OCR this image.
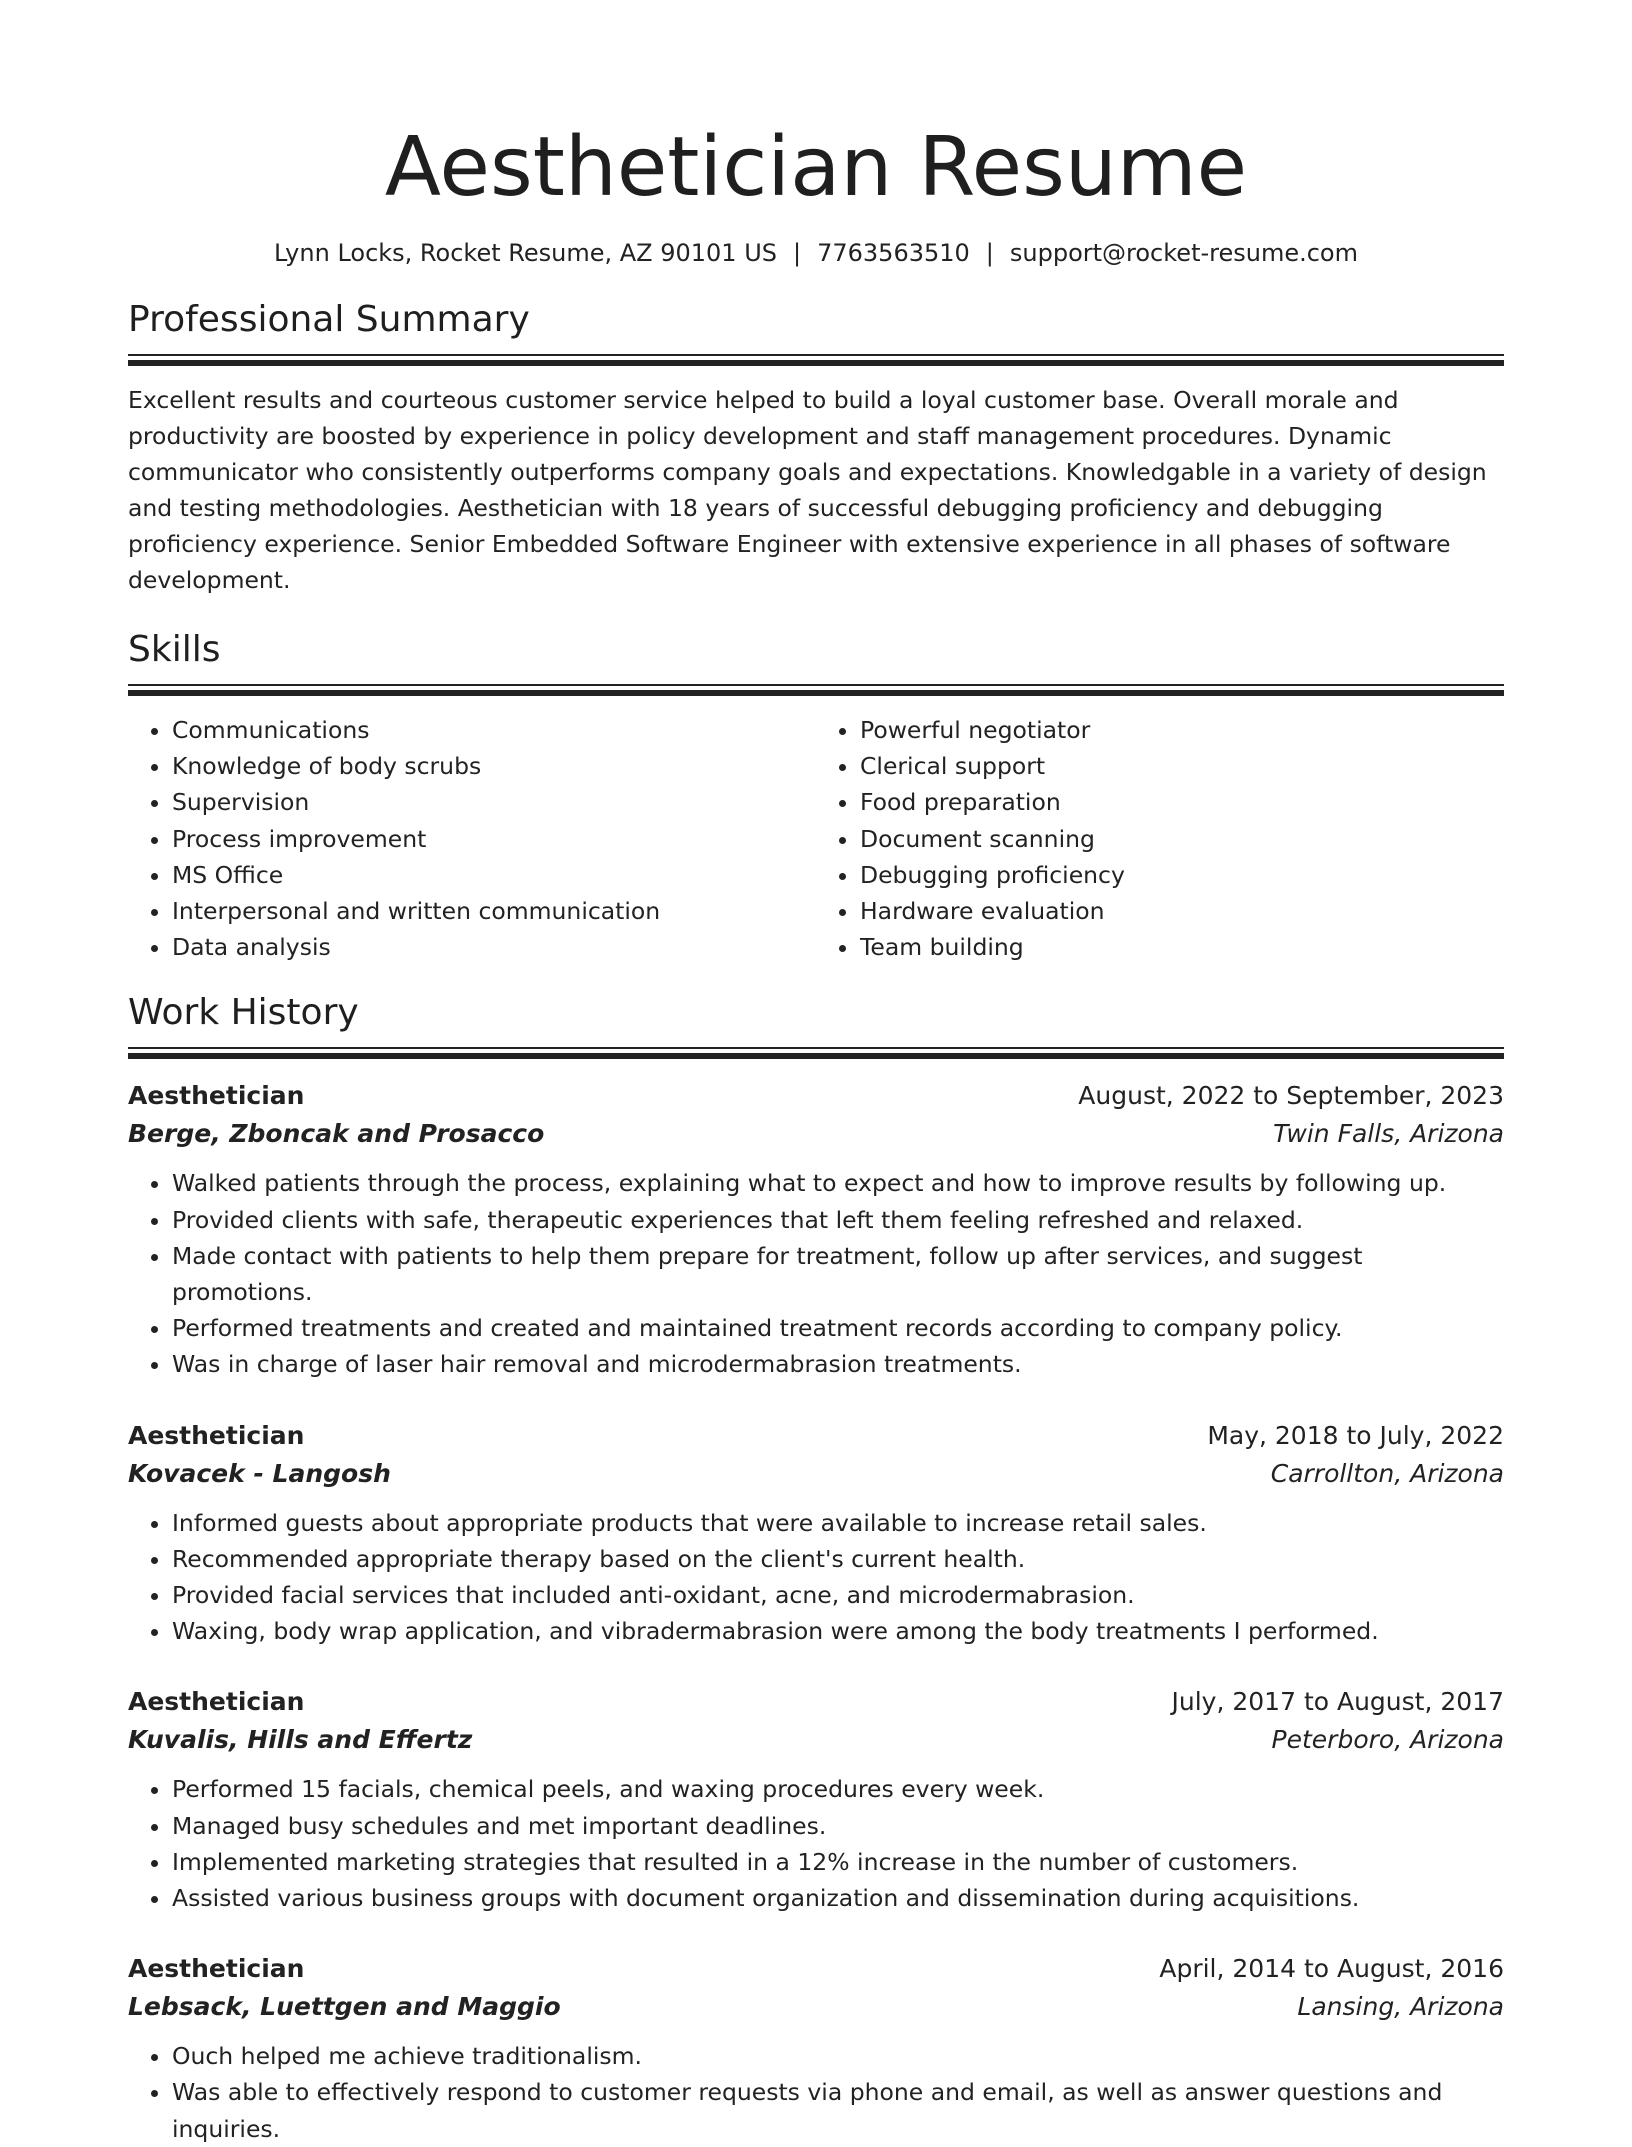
Aesthetician Resume
Lynn Locks, Rocket Resume, AZ 90101 US | 7763563510 | support@rocket-resume.com
Professional Summary

Excellent results and courteous customer service helped to build a loyal customer base. Overall morale and productivity are boosted by experience in policy development and staff management procedures. Dynamic communicator who consistently outperforms company goals and expectations. Knowledgable in a variety of design and testing methodologies. Aesthetician with 18 years of successful debugging proficiency and debugging proficiency experience. Senior Embedded Software Engineer with extensive experience in all phases of software development.

Skills
• Communications
• Knowledge of body scrubs
• Supervision
• Process improvement
• MS Office
• Interpersonal and written communication
• Data analysis
• Powerful negotiator
• Clerical support
• Food preparation
• Document scanning
• Debugging proficiency
• Hardware evaluation
• Team building
Work History
Aesthetician	August, 2022 to September, 2023
Berge, Zboncak and Prosacco	Twin Falls, Arizona
• Walked patients through the process, explaining what to expect and how to improve results by following up.
• Provided clients with safe, therapeutic experiences that left them feeling refreshed and relaxed.
• Made contact with patients to help them prepare for treatment, follow up after services, and suggest promotions.
• Performed treatments and created and maintained treatment records according to company policy.
• Was in charge of laser hair removal and microdermabrasion treatments.
Aesthetician	May, 2018 to July, 2022
Kovacek - Langosh	Carrollton, Arizona
• Informed guests about appropriate products that were available to increase retail sales.
• Recommended appropriate therapy based on the client's current health.
• Provided facial services that included anti-oxidant, acne, and microdermabrasion.
• Waxing, body wrap application, and vibradermabrasion were among the body treatments I performed.
Aesthetician	July, 2017 to August, 2017
Kuvalis, Hills and Effertz	Peterboro, Arizona
• Performed 15 facials, chemical peels, and waxing procedures every week.
• Managed busy schedules and met important deadlines.
• Implemented marketing strategies that resulted in a 12% increase in the number of customers.
• Assisted various business groups with document organization and dissemination during acquisitions.
Aesthetician	April, 2014 to August, 2016
Lebsack, Luettgen and Maggio	Lansing, Arizona
• Ouch helped me achieve traditionalism.
• Was able to effectively respond to customer requests via phone and email, as well as answer questions and inquiries.
